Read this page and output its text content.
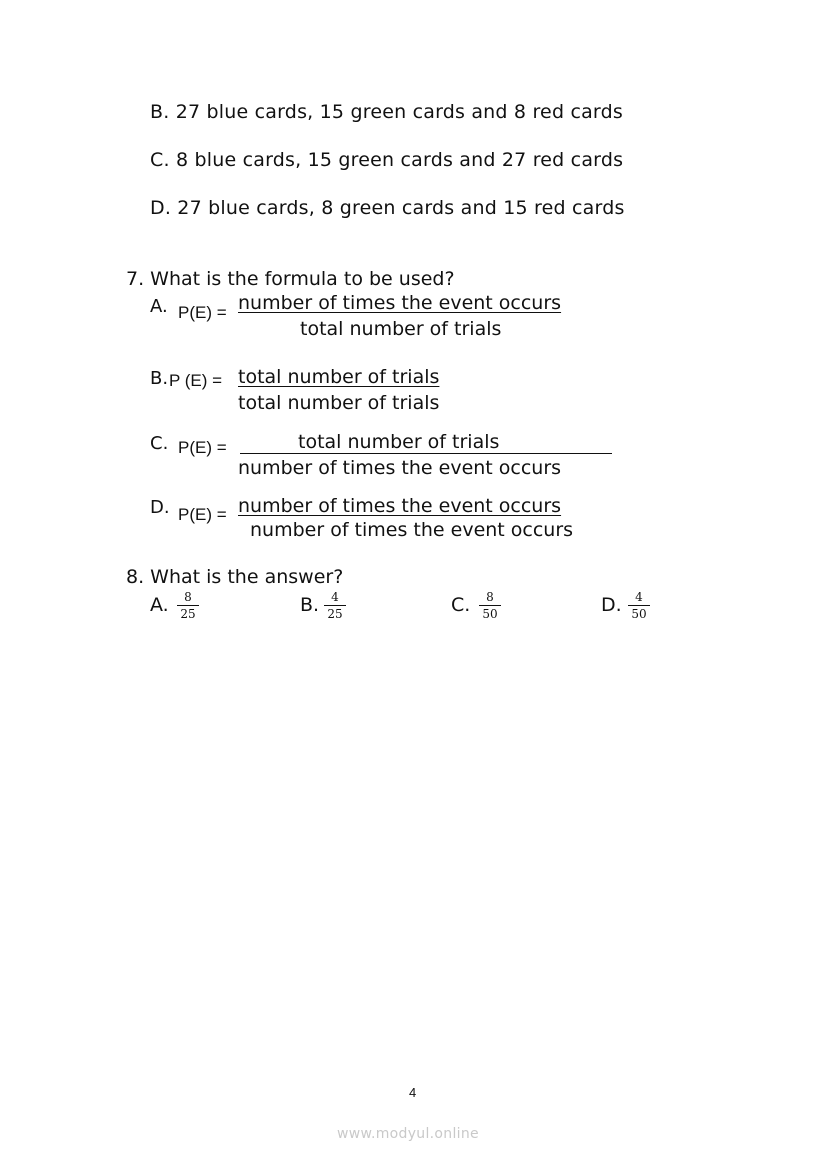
B. 27 blue cards, 15 green cards and 8 red cards
C. 8 blue cards, 15 green cards and 27 red cards
D. 27 blue cards, 8 green cards and 15 red cards
7. What is the formula to be used?
A. P(E) = number of times the event occurs
total number of trials
B. P (E) = total number of trials
total number of trials
C. P(E) =	total number of trials
number of times the event occurs
D. P(E) = number of times the event occurs
number of times the event occurs
8. What is the answer?
A. $\frac{8}{25}$	B. $\frac{4}{25}$	C. $\frac{8}{50}$	D. $\frac{4}{50}$
4
www.modyul.online
